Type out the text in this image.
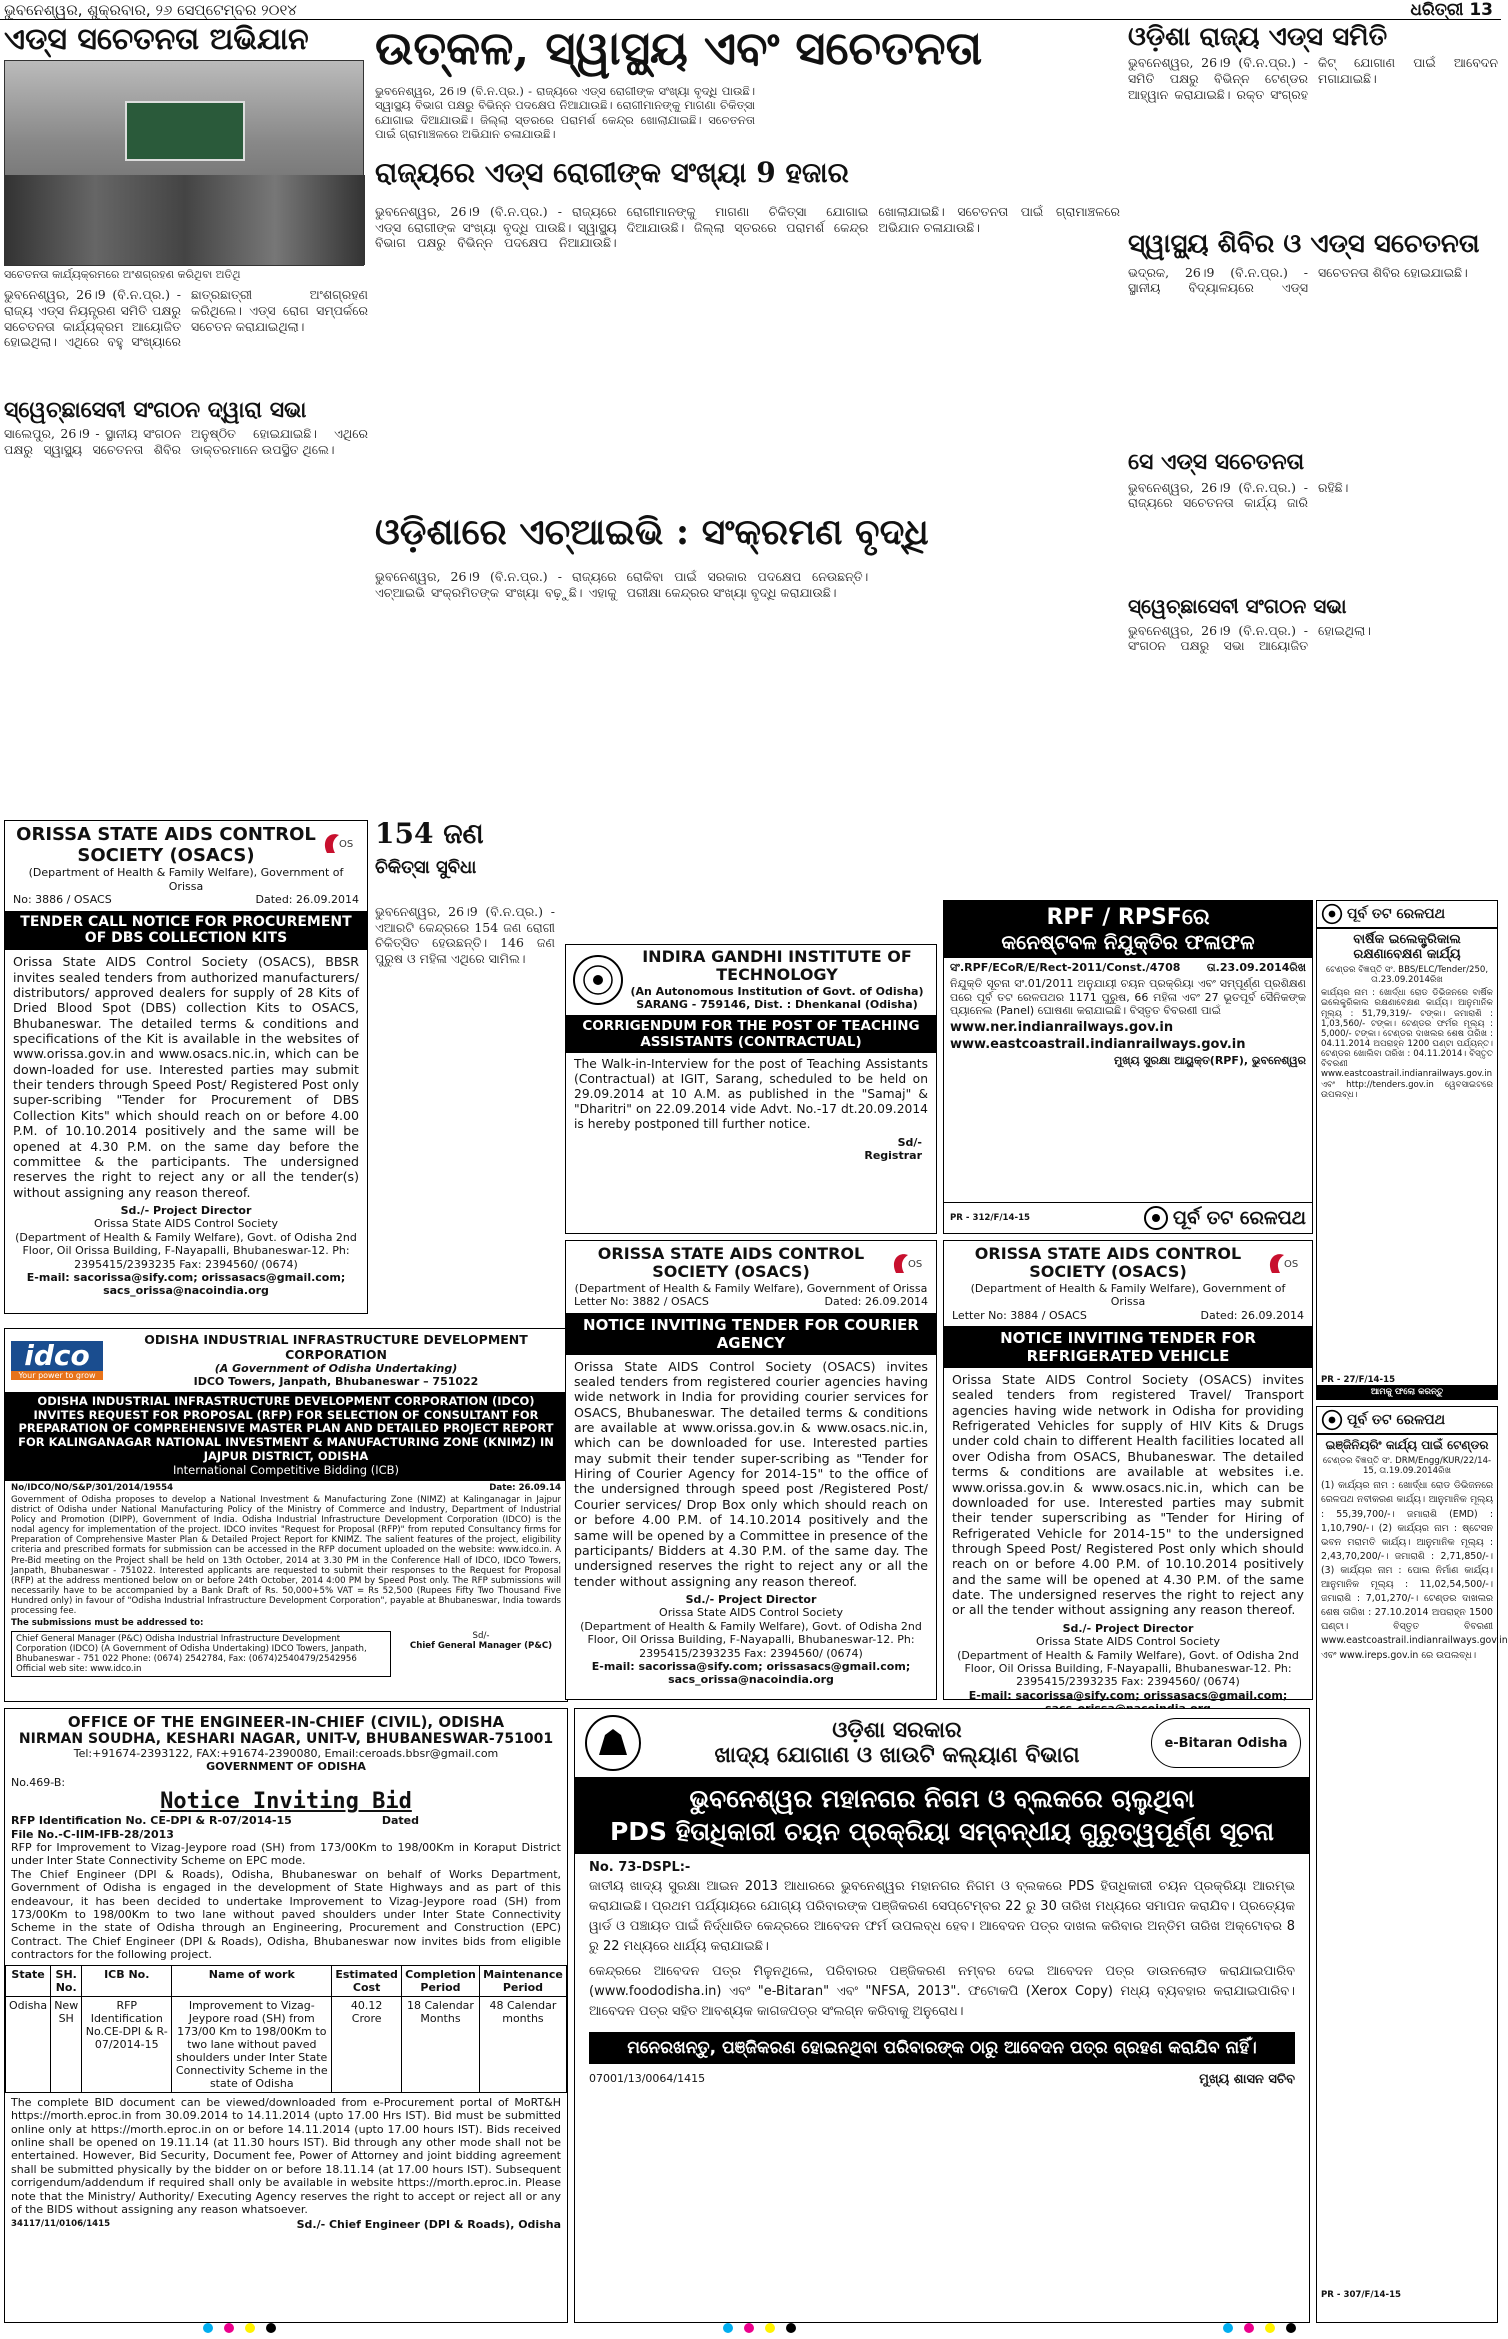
ଭୁବନେଶ୍ୱର, ଶୁକ୍ରବାର, ୨୬ ସେପ୍ଟେମ୍ବର ୨୦୧୪	ଧରିତ୍ରୀ 13
ଏଡ୍ସ ସଚେତନତା ଅଭିଯାନ
ସଚେତନତା କାର୍ଯ୍ୟକ୍ରମରେ ଅଂଶଗ୍ରହଣ କରିଥିବା ଅତିଥି
ଭୁବନେଶ୍ୱର, 26।9 (ବି.ନ.ପ୍ର.) - ରାଜ୍ୟ ଏଡ୍ସ ନିୟନ୍ତ୍ରଣ ସମିତି ପକ୍ଷରୁ ସଚେତନତା କାର୍ଯ୍ୟକ୍ରମ ଆୟୋଜିତ ହୋଇଥିଲା। ଏଥିରେ ବହୁ ସଂଖ୍ୟାରେ ଛାତ୍ରଛାତ୍ରୀ ଅଂଶଗ୍ରହଣ କରିଥିଲେ। ଏଡ୍ସ ରୋଗ ସମ୍ପର୍କରେ ସଚେତନ କରାଯାଇଥିଲା।
ସ୍ୱେଚ୍ଛାସେବୀ ସଂଗଠନ ଦ୍ୱାରା ସଭା
ସାଲେପୁର, 26।9 - ସ୍ଥାନୀୟ ସଂଗଠନ ପକ୍ଷରୁ ସ୍ୱାସ୍ଥ୍ୟ ସଚେତନତା ଶିବିର ଅନୁଷ୍ଠିତ ହୋଇଯାଇଛି। ଏଥିରେ ଡାକ୍ତରମାନେ ଉପସ୍ଥିତ ଥିଲେ।
ଉତ୍କଳ, ସ୍ୱାସ୍ଥ୍ୟ ଏବଂ ସଚେତନତା
ଭୁବନେଶ୍ୱର, 26।9 (ବି.ନ.ପ୍ର.) - ରାଜ୍ୟରେ ଏଡ୍ସ ରୋଗୀଙ୍କ ସଂଖ୍ୟା ବୃଦ୍ଧି ପାଉଛି। ସ୍ୱାସ୍ଥ୍ୟ ବିଭାଗ ପକ୍ଷରୁ ବିଭିନ୍ନ ପଦକ୍ଷେପ ନିଆଯାଉଛି। ରୋଗୀମାନଙ୍କୁ ମାଗଣା ଚିକିତ୍ସା ଯୋଗାଇ ଦିଆଯାଉଛି। ଜିଲ୍ଲା ସ୍ତରରେ ପରାମର୍ଶ କେନ୍ଦ୍ର ଖୋଲାଯାଇଛି। ସଚେତନତା ପାଇଁ ଗ୍ରାମାଞ୍ଚଳରେ ଅଭିଯାନ ଚଳାଯାଉଛି।
ରାଜ୍ୟରେ ଏଡ୍ସ ରୋଗୀଙ୍କ ସଂଖ୍ୟା 9 ହଜାର
ଭୁବନେଶ୍ୱର, 26।9 (ବି.ନ.ପ୍ର.) - ରାଜ୍ୟରେ ଏଡ୍ସ ରୋଗୀଙ୍କ ସଂଖ୍ୟା ବୃଦ୍ଧି ପାଉଛି। ସ୍ୱାସ୍ଥ୍ୟ ବିଭାଗ ପକ୍ଷରୁ ବିଭିନ୍ନ ପଦକ୍ଷେପ ନିଆଯାଉଛି। ରୋଗୀମାନଙ୍କୁ ମାଗଣା ଚିକିତ୍ସା ଯୋଗାଇ ଦିଆଯାଉଛି। ଜିଲ୍ଲା ସ୍ତରରେ ପରାମର୍ଶ କେନ୍ଦ୍ର ଖୋଲାଯାଇଛି। ସଚେତନତା ପାଇଁ ଗ୍ରାମାଞ୍ଚଳରେ ଅଭିଯାନ ଚଳାଯାଉଛି।
ଓଡ଼ିଶାରେ ଏଚ୍ଆଇଭି : ସଂକ୍ରମଣ ବୃଦ୍ଧି
ଭୁବନେଶ୍ୱର, 26।9 (ବି.ନ.ପ୍ର.) - ରାଜ୍ୟରେ ଏଚ୍ଆଇଭି ସଂକ୍ରମିତଙ୍କ ସଂଖ୍ୟା ବଢ଼ୁଛି। ଏହାକୁ ରୋକିବା ପାଇଁ ସରକାର ପଦକ୍ଷେପ ନେଉଛନ୍ତି। ପରୀକ୍ଷା କେନ୍ଦ୍ରର ସଂଖ୍ୟା ବୃଦ୍ଧି କରାଯାଉଛି।
154 ଜଣ
ଚିକିତ୍ସା ସୁବିଧା
ଭୁବନେଶ୍ୱର, 26।9 (ବି.ନ.ପ୍ର.) - ଏଆରଟି କେନ୍ଦ୍ରରେ 154 ଜଣ ରୋଗୀ ଚିକିତ୍ସିତ ହେଉଛନ୍ତି। 146 ଜଣ ପୁରୁଷ ଓ ମହିଳା ଏଥିରେ ସାମିଲ।
ଓଡ଼ିଶା ରାଜ୍ୟ ଏଡ୍ସ ସମିତି
ଭୁବନେଶ୍ୱର, 26।9 (ବି.ନ.ପ୍ର.) - ସମିତି ପକ୍ଷରୁ ବିଭିନ୍ନ ଟେଣ୍ଡର ଆହ୍ୱାନ କରାଯାଇଛି। ରକ୍ତ ସଂଗ୍ରହ କିଟ୍ ଯୋଗାଣ ପାଇଁ ଆବେଦନ ମଗାଯାଇଛି।
ସ୍ୱାସ୍ଥ୍ୟ ଶିବିର ଓ ଏଡ୍ସ ସଚେତନତା
ଭଦ୍ରକ, 26।9 (ବି.ନ.ପ୍ର.) - ସ୍ଥାନୀୟ ବିଦ୍ୟାଳୟରେ ଏଡ୍ସ ସଚେତନତା ଶିବିର ହୋଇଯାଇଛି।
ସେ ଏଡ୍ସ ସଚେତନତା
ଭୁବନେଶ୍ୱର, 26।9 (ବି.ନ.ପ୍ର.) - ରାଜ୍ୟରେ ସଚେତନତା କାର୍ଯ୍ୟ ଜାରି ରହିଛି।
ସ୍ୱେଚ୍ଛାସେବୀ ସଂଗଠନ ସଭା
ଭୁବନେଶ୍ୱର, 26।9 (ବି.ନ.ପ୍ର.) - ସଂଗଠନ ପକ୍ଷରୁ ସଭା ଆୟୋଜିତ ହୋଇଥିଲା।
ORISSA STATE AIDS CONTROL SOCIETY (OSACS)
(Department of Health & Family Welfare), Government of Orissa
No: 3886 / OSACS	Dated: 26.09.2014
OS
TENDER CALL NOTICE FOR PROCUREMENT OF DBS COLLECTION KITS
Orissa State AIDS Control Society (OSACS), BBSR invites sealed tenders from authorized manufacturers/ distributors/ approved dealers for supply of 28 Kits of Dried Blood Spot (DBS) collection Kits to OSACS, Bhubaneswar. The detailed terms & conditions and specifications of the Kit is available in the websites of www.orissa.gov.in and www.osacs.nic.in, which can be down-loaded for use. Interested parties may submit their tenders through Speed Post/ Registered Post only super-scribing "Tender for Procurement of DBS Collection Kits" which should reach on or before 4.00 P.M. of 10.10.2014 positively and the same will be opened at 4.30 P.M. on the same day before the committee & the participants. The undersigned reserves the right to reject any or all the tender(s) without assigning any reason thereof.
Sd./- Project Director
Orissa State AIDS Control Society
(Department of Health & Family Welfare), Govt. of Odisha 2nd Floor, Oil Orissa Building, F-Nayapalli, Bhubaneswar-12. Ph: 2395415/2393235 Fax: 2394560/ (0674)
E-mail: sacorissa@sify.com; orissasacs@gmail.com; sacs_orissa@nacoindia.org
idco
Your power to grow
ODISHA INDUSTRIAL INFRASTRUCTURE DEVELOPMENT CORPORATION
(A Government of Odisha Undertaking)
IDCO Towers, Janpath, Bhubaneswar – 751022
ODISHA INDUSTRIAL INFRASTRUCTURE DEVELOPMENT CORPORATION (IDCO) INVITES REQUEST FOR PROPOSAL (RFP) FOR SELECTION OF CONSULTANT FOR PREPARATION OF COMPREHENSIVE MASTER PLAN AND DETAILED PROJECT REPORT FOR KALINGANAGAR NATIONAL INVESTMENT & MANUFACTURING ZONE (KNIMZ) IN JAJPUR DISTRICT, ODISHA
International Competitive Bidding (ICB)
No/IDCO/NO/S&P/301/2014/19554	Date: 26.09.14
Government of Odisha proposes to develop a National Investment & Manufacturing Zone (NIMZ) at Kalinganagar in Jajpur district of Odisha under National Manufacturing Policy of the Ministry of Commerce and Industry, Department of Industrial Policy and Promotion (DIPP), Government of India. Odisha Industrial Infrastructure Development Corporation (IDCO) is the nodal agency for implementation of the project. IDCO invites "Request for Proposal (RFP)" from reputed Consultancy firms for Preparation of Comprehensive Master Plan & Detailed Project Report for KNIMZ. The salient features of the project, eligibility criteria and prescribed formats for submission can be accessed in the RFP document uploaded on the website: www.idco.in. A Pre-Bid meeting on the Project shall be held on 13th October, 2014 at 3.30 PM in the Conference Hall of IDCO, IDCO Towers, Janpath, Bhubaneswar - 751022. Interested applicants are requested to submit their responses to the Request for Proposal (RFP) at the address mentioned below on or before 24th October, 2014 4:00 PM by Speed Post only. The RFP submissions will necessarily have to be accompanied by a Bank Draft of Rs. 50,000+5% VAT = Rs 52,500 (Rupees Fifty Two Thousand Five Hundred only) in favour of "Odisha Industrial Infrastructure Development Corporation", payable at Bhubaneswar, India towards processing fee.
The submissions must be addressed to:
Chief General Manager (P&C) Odisha Industrial Infrastructure Development Corporation (IDCO) (A Government of Odisha Undertaking) IDCO Towers, Janpath, Bhubaneswar - 751 022 Phone: (0674) 2542784, Fax: (0674)2540479/2542956 Official web site: www.idco.in
Sd/-
Chief General Manager (P&C)
OFFICE OF THE ENGINEER-IN-CHIEF (CIVIL), ODISHA
NIRMAN SOUDHA, KESHARI NAGAR, UNIT-V, BHUBANESWAR-751001
Tel:+91674-2393122, FAX:+91674-2390080, Email:ceroads.bbsr@gmail.com
GOVERNMENT OF ODISHA
No.469-B:
Notice Inviting Bid
RFP Identification No. CE-DPI & R-07/2014-15	Dated
File No.-C-IIM-IFB-28/2013
RFP for Improvement to Vizag-Jeypore road (SH) from 173/00Km to 198/00Km in Koraput District under Inter State Connectivity Scheme on EPC mode.
The Chief Engineer (DPI & Roads), Odisha, Bhubaneswar on behalf of Works Department, Government of Odisha is engaged in the development of State Highways and as part of this endeavour, it has been decided to undertake Improvement to Vizag-Jeypore road (SH) from 173/00Km to 198/00Km to two lane without paved shoulders under Inter State Connectivity Scheme in the state of Odisha through an Engineering, Procurement and Construction (EPC) Contract. The Chief Engineer (DPI & Roads), Odisha, Bhubaneswar now invites bids from eligible contractors for the following project.
State	SH. No.	ICB No.	Name of work	Estimated Cost	Completion Period	Maintenance Period
Odisha	New SH	RFP Identification No.CE-DPI & R-07/2014-15	Improvement to Vizag-Jeypore road (SH) from 173/00 Km to 198/00Km to two lane without paved shoulders under Inter State Connectivity Scheme in the state of Odisha	40.12 Crore	18 Calendar Months	48 Calendar months
The complete BID document can be viewed/downloaded from e-Procurement portal of MoRT&H https://morth.eproc.in from 30.09.2014 to 14.11.2014 (upto 17.00 Hrs IST). Bid must be submitted online only at https://morth.eproc.in on or before 14.11.2014 (upto 17.00 hours IST). Bids received online shall be opened on 19.11.14 (at 11.30 hours IST). Bid through any other mode shall not be entertained. However, Bid Security, Document fee, Power of Attorney and joint bidding agreement shall be submitted physically by the bidder on or before 18.11.14 (at 17.00 hours IST). Subsequent corrigendum/addendum if required shall only be available in website https://morth.eproc.in. Please note that the Ministry/ Authority/ Executing Agency reserves the right to accept or reject all or any of the BIDS without assigning any reason whatsoever.
34117/11/0106/1415	Sd./- Chief Engineer (DPI & Roads), Odisha
INDIRA GANDHI INSTITUTE OF TECHNOLOGY
(An Autonomous Institution of Govt. of Odisha)
SARANG - 759146, Dist. : Dhenkanal (Odisha)
CORRIGENDUM FOR THE POST OF TEACHING ASSISTANTS (CONTRACTUAL)
The Walk-in-Interview for the post of Teaching Assistants (Contractual) at IGIT, Sarang, scheduled to be held on 29.09.2014 at 10 A.M. as published in the "Samaj" & "Dharitri" on 22.09.2014 vide Advt. No.-17 dt.20.09.2014 is hereby postponed till further notice.
Sd/-
Registrar
RPF / RPSFରେ
କନେଷ୍ଟବଳ ନିଯୁକ୍ତିର ଫଳାଫଳ
ସଂ.RPF/ECoR/E/Rect-2011/Const./4708 ତା.23.09.2014ରିଖ
ନିଯୁକ୍ତି ସୂଚନା ସଂ.01/2011 ଅନୁଯାୟୀ ଚୟନ ପ୍ରକ୍ରିୟା ଏବଂ ସମ୍ପୂର୍ଣ୍ଣ ପ୍ରଶିକ୍ଷଣ ପରେ ପୂର୍ବ ତଟ ରେଳପଥର 1171 ପୁରୁଷ, 66 ମହିଳା ଏବଂ 27 ଭୂତପୂର୍ବ ସୈନିକଙ୍କ ପ୍ୟାନେଲ (Panel) ଘୋଷଣା କରାଯାଇଛି। ବିସ୍ତୃତ ବିବରଣୀ ପାଇଁ
www.ner.indianrailways.gov.in
www.eastcoastrail.indianrailways.gov.in
ମୁଖ୍ୟ ସୁରକ୍ଷା ଆୟୁକ୍ତ(RPF), ଭୁବନେଶ୍ୱର
PR - 312/F/14-15	ପୂର୍ବ ତଟ ରେଳପଥ
ORISSA STATE AIDS CONTROL SOCIETY (OSACS)
(Department of Health & Family Welfare), Government of Orissa
Letter No: 3882 / OSACS	Dated: 26.09.2014
OS
NOTICE INVITING TENDER FOR COURIER AGENCY
Orissa State AIDS Control Society (OSACS) invites sealed tenders from registered courier agencies having wide network in India for providing courier services for OSACS, Bhubaneswar. The detailed terms & conditions are available at www.orissa.gov.in & www.osacs.nic.in, which can be downloaded for use. Interested parties may submit their tender super-scribing as "Tender for Hiring of Courier Agency for 2014-15" to the office of the undersigned through speed post /Registered Post/ Courier services/ Drop Box only which should reach on or before 4.00 P.M. of 14.10.2014 positively and the same will be opened by a Committee in presence of the participants/ Bidders at 4.30 P.M. of the same day. The undersigned reserves the right to reject any or all the tender without assigning any reason thereof.
Sd./- Project Director
Orissa State AIDS Control Society
(Department of Health & Family Welfare), Govt. of Odisha 2nd Floor, Oil Orissa Building, F-Nayapalli, Bhubaneswar-12. Ph: 2395415/2393235 Fax: 2394560/ (0674)
E-mail: sacorissa@sify.com; orissasacs@gmail.com; sacs_orissa@nacoindia.org
ORISSA STATE AIDS CONTROL SOCIETY (OSACS)
(Department of Health & Family Welfare), Government of Orissa
Letter No: 3884 / OSACS	Dated: 26.09.2014
OS
NOTICE INVITING TENDER FOR REFRIGERATED VEHICLE
Orissa State AIDS Control Society (OSACS) invites sealed tenders from registered Travel/ Transport agencies having wide network in Odisha for providing Refrigerated Vehicles for supply of HIV Kits & Drugs under cold chain to different Health facilities located all over Odisha from OSACS, Bhubaneswar. The detailed terms & conditions are available at websites i.e. www.orissa.gov.in & www.osacs.nic.in, which can be downloaded for use. Interested parties may submit their tender superscribing as "Tender for Hiring of Refrigerated Vehicle for 2014-15" to the undersigned through Speed Post/ Registered Post only which should reach on or before 4.00 P.M. of 10.10.2014 positively and the same will be opened at 4.30 P.M. of the same date. The undersigned reserves the right to reject any or all the tender without assigning any reason thereof.
Sd./- Project Director
Orissa State AIDS Control Society
(Department of Health & Family Welfare), Govt. of Odisha 2nd Floor, Oil Orissa Building, F-Nayapalli, Bhubaneswar-12. Ph: 2395415/2393235 Fax: 2394560/ (0674)
E-mail: sacorissa@sify.com; orissasacs@gmail.com;
ପୂର୍ବ ତଟ ରେଳପଥ
ବାର୍ଷିକ ଇଲେକ୍ଟ୍ରିକାଲ ରକ୍ଷଣାବେକ୍ଷଣ କାର୍ଯ୍ୟ
ଟେଣ୍ଡର ବିଜ୍ଞପ୍ତି ସଂ. BBS/ELC/Tender/250, ତା.23.09.2014ରିଖ
କାର୍ଯ୍ୟର ନାମ : ଖୋର୍ଦ୍ଧା ରୋଡ ଡିଭିଜନରେ ବାର୍ଷିକ ଇଲେକ୍ଟ୍ରିକାଲ ରକ୍ଷଣାବେକ୍ଷଣ କାର୍ଯ୍ୟ। ଆନୁମାନିକ ମୂଲ୍ୟ : 51,79,319/- ଟଙ୍କା। ଜମାରାଶି : 1,03,560/- ଟଙ୍କା। ଟେଣ୍ଡର ଫର୍ମର ମୂଲ୍ୟ : 5,000/- ଟଙ୍କା। ଟେଣ୍ଡର ଦାଖଲର ଶେଷ ତାରିଖ : 04.11.2014 ଅପରାହ୍ନ 1200 ଘଣ୍ଟା ପର୍ଯ୍ୟନ୍ତ। ଟେଣ୍ଡର ଖୋଲିବା ତାରିଖ : 04.11.2014। ବିସ୍ତୃତ ବିବରଣୀ www.eastcoastrail.indianrailways.gov.in ଏବଂ http://tenders.gov.in ୱେବସାଇଟରେ ଉପଲବ୍ଧ।
PR - 27/F/14-15
ଆମକୁ ଫଲୋ କରନ୍ତୁ
ପୂର୍ବ ତଟ ରେଳପଥ
ଇଞ୍ଜିନିୟରିଂ କାର୍ଯ୍ୟ ପାଇଁ ଟେଣ୍ଡର
ଟେଣ୍ଡର ବିଜ୍ଞପ୍ତି ସଂ. DRM/Engg/KUR/22/14-15, ତା.19.09.2014ରିଖ
(1) କାର୍ଯ୍ୟର ନାମ : ଖୋର୍ଦ୍ଧା ରୋଡ ଡିଭିଜନରେ ରେଳପଥ ନବୀକରଣ କାର୍ଯ୍ୟ। ଆନୁମାନିକ ମୂଲ୍ୟ : 55,39,700/-। ଜମାରାଶି (EMD) : 1,10,790/-। (2) କାର୍ଯ୍ୟର ନାମ : ଷ୍ଟେସନ ଭବନ ମରାମତି କାର୍ଯ୍ୟ। ଆନୁମାନିକ ମୂଲ୍ୟ : 2,43,70,200/-। ଜମାରାଶି : 2,71,850/-। (3) କାର୍ଯ୍ୟର ନାମ : ପୋଲ ନିର୍ମାଣ କାର୍ଯ୍ୟ। ଆନୁମାନିକ ମୂଲ୍ୟ : 11,02,54,500/-। ଜମାରାଶି : 7,01,270/-। ଟେଣ୍ଡର ଦାଖଲର ଶେଷ ତାରିଖ : 27.10.2014 ଅପରାହ୍ନ 1500 ଘଣ୍ଟା। ବିସ୍ତୃତ ବିବରଣୀ www.eastcoastrail.indianrailways.gov.in ଏବଂ www.ireps.gov.in ରେ ଉପଲବ୍ଧ।
PR - 307/F/14-15
ଓଡ଼ିଶା ସରକାର
ଖାଦ୍ୟ ଯୋଗାଣ ଓ ଖାଉଟି କଲ୍ୟାଣ ବିଭାଗ	e-Bitaran Odisha
ଭୁବନେଶ୍ୱର ମହାନଗର ନିଗମ ଓ ବ୍ଲକରେ ଚାଲୁଥିବା
PDS ହିତାଧିକାରୀ ଚୟନ ପ୍ରକ୍ରିୟା ସମ୍ବନ୍ଧୀୟ ଗୁରୁତ୍ୱପୂର୍ଣ୍ଣ ସୂଚନା
No. 73-DSPL:-
ଜାତୀୟ ଖାଦ୍ୟ ସୁରକ୍ଷା ଆଇନ 2013 ଆଧାରରେ ଭୁବନେଶ୍ୱର ମହାନଗର ନିଗମ ଓ ବ୍ଲକରେ PDS ହିତାଧିକାରୀ ଚୟନ ପ୍ରକ୍ରିୟା ଆରମ୍ଭ କରାଯାଇଛି। ପ୍ରଥମ ପର୍ଯ୍ୟାୟରେ ଯୋଗ୍ୟ ପରିବାରଙ୍କ ପଞ୍ଜିକରଣ ସେପ୍ଟେମ୍ବର 22 ରୁ 30 ତାରିଖ ମଧ୍ୟରେ ସମାପନ କରାଯିବ। ପ୍ରତ୍ୟେକ ୱାର୍ଡ ଓ ପଞ୍ଚାୟତ ପାଇଁ ନିର୍ଦ୍ଧାରିତ କେନ୍ଦ୍ରରେ ଆବେଦନ ଫର୍ମ ଉପଲବ୍ଧ ହେବ। ଆବେଦନ ପତ୍ର ଦାଖଲ କରିବାର ଅନ୍ତିମ ତାରିଖ ଅକ୍ଟୋବର 8 ରୁ 22 ମଧ୍ୟରେ ଧାର୍ଯ୍ୟ କରାଯାଇଛି।
କେନ୍ଦ୍ରରେ ଆବେଦନ ପତ୍ର ମିଳୁନଥିଲେ, ପରିବାରର ପଞ୍ଜିକରଣ ନମ୍ବର ଦେଇ ଆବେଦନ ପତ୍ର ଡାଉନଲୋଡ କରାଯାଇପାରିବ (www.foododisha.in) ଏବଂ "e-Bitaran" ଏବଂ "NFSA, 2013". ଫଟୋକପି (Xerox Copy) ମଧ୍ୟ ବ୍ୟବହାର କରାଯାଇପାରିବ। ଆବେଦନ ପତ୍ର ସହିତ ଆବଶ୍ୟକ କାଗଜପତ୍ର ସଂଲଗ୍ନ କରିବାକୁ ଅନୁରୋଧ।
ମନେରଖନ୍ତୁ, ପଞ୍ଜିକରଣ ହୋଇନଥିବା ପରିବାରଙ୍କ ଠାରୁ ଆବେଦନ ପତ୍ର ଗ୍ରହଣ କରାଯିବ ନାହିଁ।
07001/13/0064/1415	ମୁଖ୍ୟ ଶାସନ ସଚିବ
